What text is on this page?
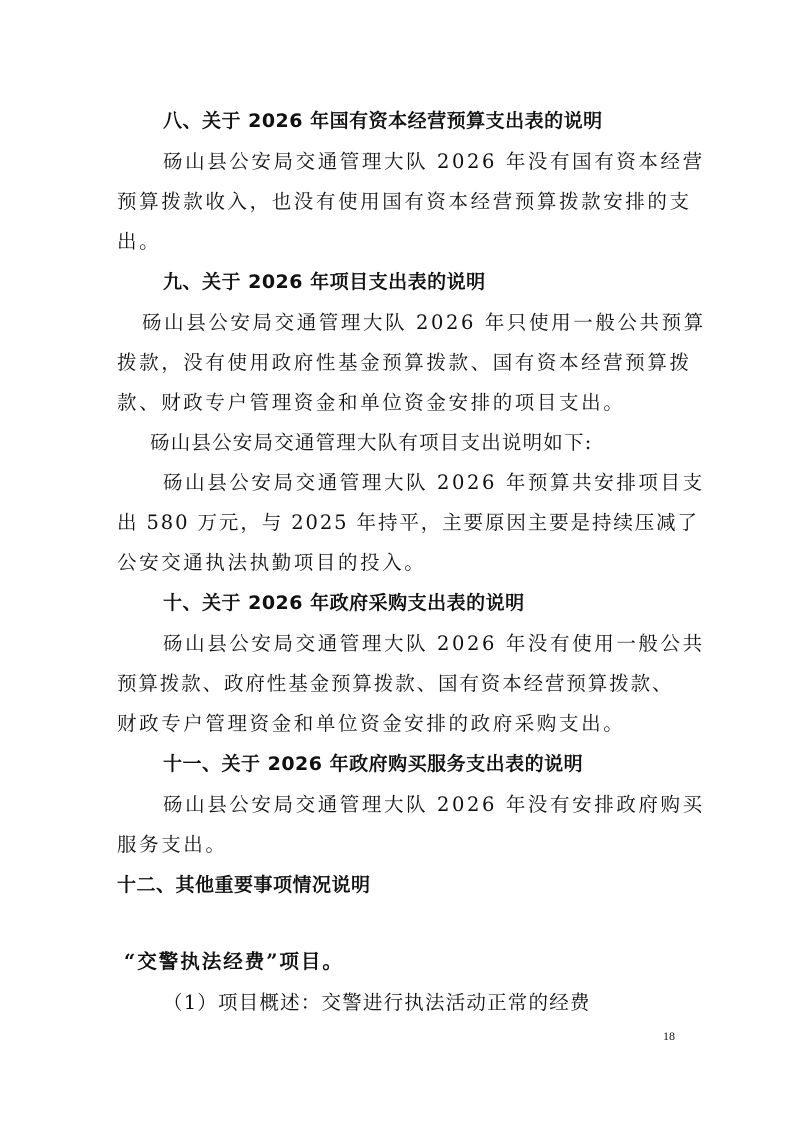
八、关于 2026 年国有资本经营预算支出表的说明
砀山县公安局交通管理大队 2026 年没有国有资本经营
预算拨款收入，也没有使用国有资本经营预算拨款安排的支
出。
九、关于 2026 年项目支出表的说明
砀山县公安局交通管理大队 2026 年只使用一般公共预算
拨款，没有使用政府性基金预算拨款、国有资本经营预算拨
款、财政专户管理资金和单位资金安排的项目支出。
砀山县公安局交通管理大队有项目支出说明如下:
砀山县公安局交通管理大队 2026 年预算共安排项目支
出 580 万元，与 2025 年持平，主要原因主要是持续压减了
公安交通执法执勤项目的投入。
十、关于 2026 年政府采购支出表的说明
砀山县公安局交通管理大队 2026 年没有使用一般公共
预算拨款、政府性基金预算拨款、国有资本经营预算拨款、
财政专户管理资金和单位资金安排的政府采购支出。
十一、关于 2026 年政府购买服务支出表的说明
砀山县公安局交通管理大队 2026 年没有安排政府购买
服务支出。
十二、其他重要事项情况说明
“交警执法经费”项目。
（1）项目概述：交警进行执法活动正常的经费
18
